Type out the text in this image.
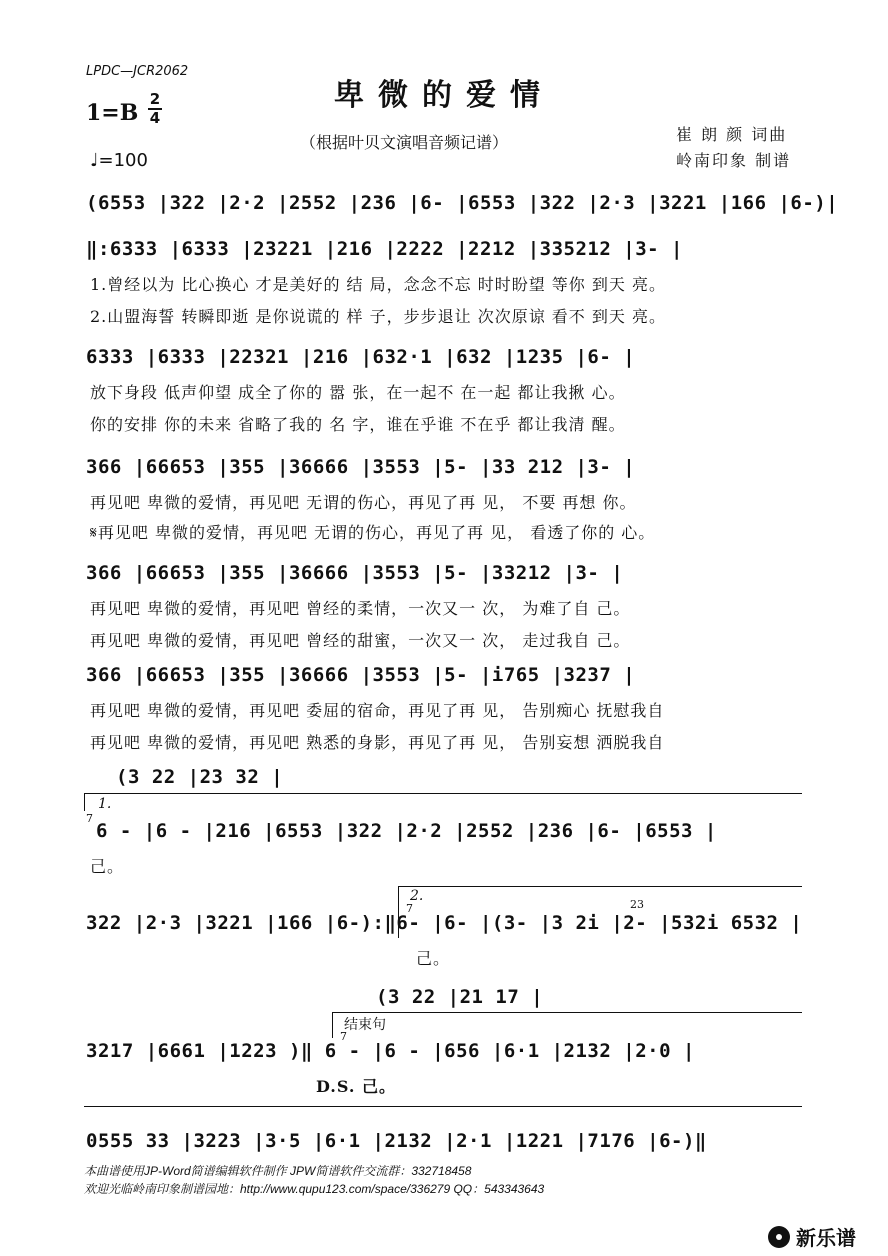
LPDC—JCR2062
卑微的爱情
1=B
2
4
（根据叶贝文演唱音频记谱）	崔 朗 颜 词曲
岭南印象 制谱
♩=100
(6553 |322 |2·2 |2552 |236 |6- |6553 |322 |2·3 |3221 |166 |6-)|
‖:6333 |6333 |23221 |216 |2222 |2212 |335212 |3- |
1.曾经以为 比心换心 才是美好的 结 局，念念不忘 时时盼望 等你 到天 亮。
2.山盟海誓 转瞬即逝 是你说谎的 样 子，步步退让 次次原谅 看不 到天 亮。
6333 |6333 |22321 |216 |632·1 |632 |1235 |6- |
放下身段 低声仰望 成全了你的 嚣 张，在一起不 在一起 都让我揪 心。
你的安排 你的未来 省略了我的 名 字，谁在乎谁 不在乎 都让我清 醒。
366 |66653 |355 |36666 |3553 |5- |33 212 |3- |
再见吧 卑微的爱情，再见吧 无谓的伤心，再见了再 见， 不要 再想 你。
𝄋再见吧 卑微的爱情，再见吧 无谓的伤心，再见了再 见， 看透了你的 心。
366 |66653 |355 |36666 |3553 |5- |33212 |3- |
再见吧 卑微的爱情，再见吧 曾经的柔情，一次又一 次， 为难了自 己。
再见吧 卑微的爱情，再见吧 曾经的甜蜜，一次又一 次， 走过我自 己。
366 |66653 |355 |36666 |3553 |5- |i765 |3237 |
再见吧 卑微的爱情，再见吧 委屈的宿命，再见了再 见， 告别痴心 抚慰我自
再见吧 卑微的爱情，再见吧 熟悉的身影，再见了再 见， 告别妄想 洒脱我自
(3 22 |23 32 |
1.
7
6 - |6 - |216 |6553 |322 |2·2 |2552 |236 |6- |6553 |
己。
2.
7	23
322 |2·3 |3221 |166 |6-):‖6- |6- |(3- |3 2i |2- |532i 6532 |
己。
(3 22 |21 17 |
结束句
7
3217 |6661 |1223 )‖ 6 - |6 - |656 |6·1 |2132 |2·0 |
D.S. 己。
0555 33 |3223 |3·5 |6·1 |2132 |2·1 |1221 |7176 |6-)‖
本曲谱使用JP-Word简谱编辑软件制作 JPW简谱软件交流群：332718458
欢迎光临岭南印象制谱园地：http://www.qupu123.com/space/336279 QQ：543343643
新乐谱
